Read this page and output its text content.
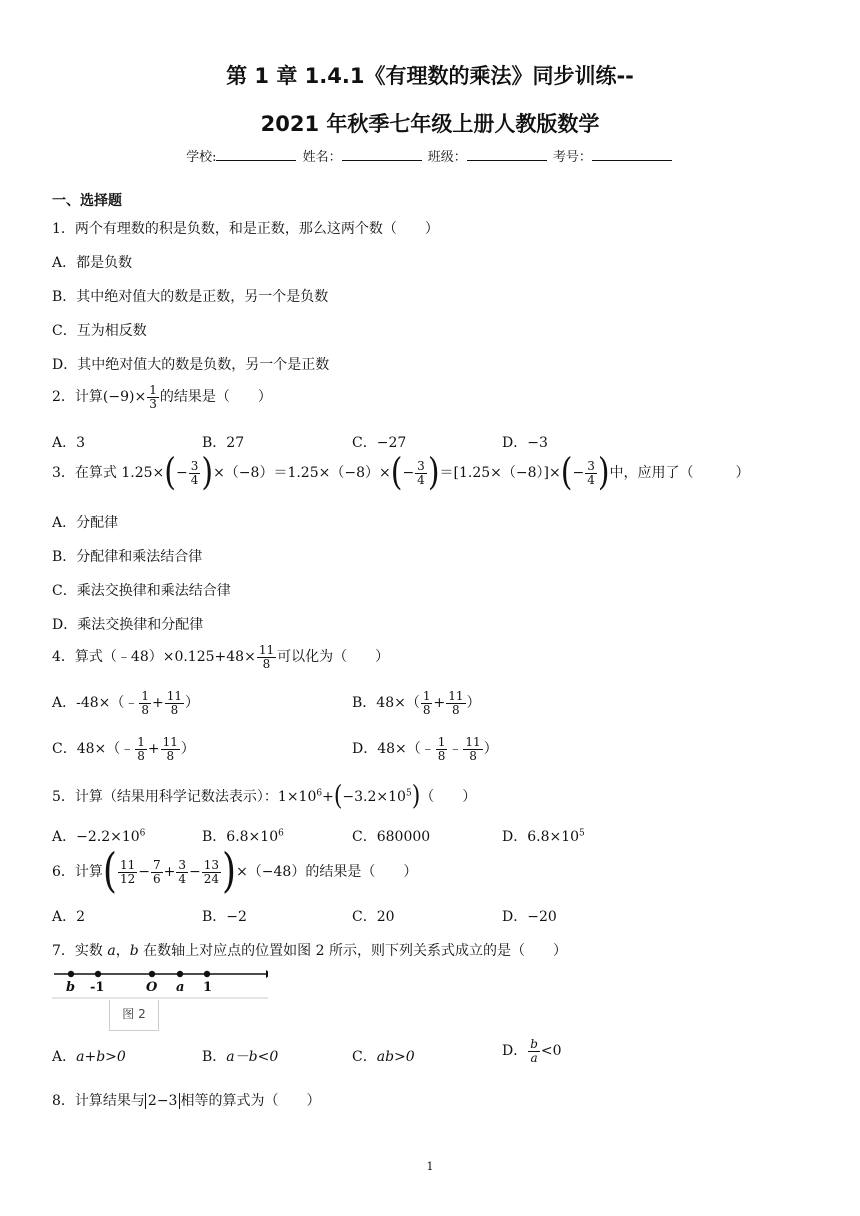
第 1 章 1.4.1《有理数的乘法》同步训练--
2021 年秋季七年级上册人教版数学
学校:	姓名：	班级：	考号：
一、选择题
1．两个有理数的积是负数，和是正数，那么这两个数（　　）
A．都是负数
B．其中绝对值大的数是正数，另一个是负数
C．互为相反数
D．其中绝对值大的数是负数，另一个是正数
2．计算$(-9)\times \frac{1}{3}$ 的结果是（　　）
A．3	B．27	C．−27	D．−3
3．在算式 $1.25\times(- \frac{3}{4} )\times(-8)=1.25\times(-8)\times(- \frac{3}{4} )=[1.25\times(-8)]\times(- \frac{3}{4}$ )中，应用了（　　　）
A．分配律
B．分配律和乘法结合律
C．乘法交换律和乘法结合律
D．乘法交换律和分配律
4．算式（﹣48）×0.125+48× $\frac{11}{8}$ 可以化为（　　）
A．-48×（﹣ $\frac{1}{8} + \frac{11}{8}$ ）	B．$48\times( \frac{1}{8} + \frac{11}{8}$ ）
C．48×（﹣ $\frac{1}{8} + \frac{11}{8}$ ）	D．48×（﹣ $\frac{1}{8}$ ﹣ $\frac{11}{8}$ ）
5．计算（结果用科学记数法表示）：$1\times 10^6+(-3.2\times 10^5)$（　　）
A．$-2.2\times 10^6$	B．$6.8\times 10^6$	C．680000	D．$6.8\times 10^5$
6．计算( $\frac{11}{12} - \frac{7}{6} + \frac{3}{4} - \frac{13}{24} )\times(-48)$的结果是（　　）
A．2	B．−2	C．20	D．−20
7．实数 a，b 在数轴上对应点的位置如图 2 所示，则下列关系式成立的是（　　）
b -1	O a 1
图 2
A．a+b>0	B．a－b<0	C．ab>0	D． $\frac{b}{a} <0$
8．计算结果与 2−3 相等的算式为（　　）
1
